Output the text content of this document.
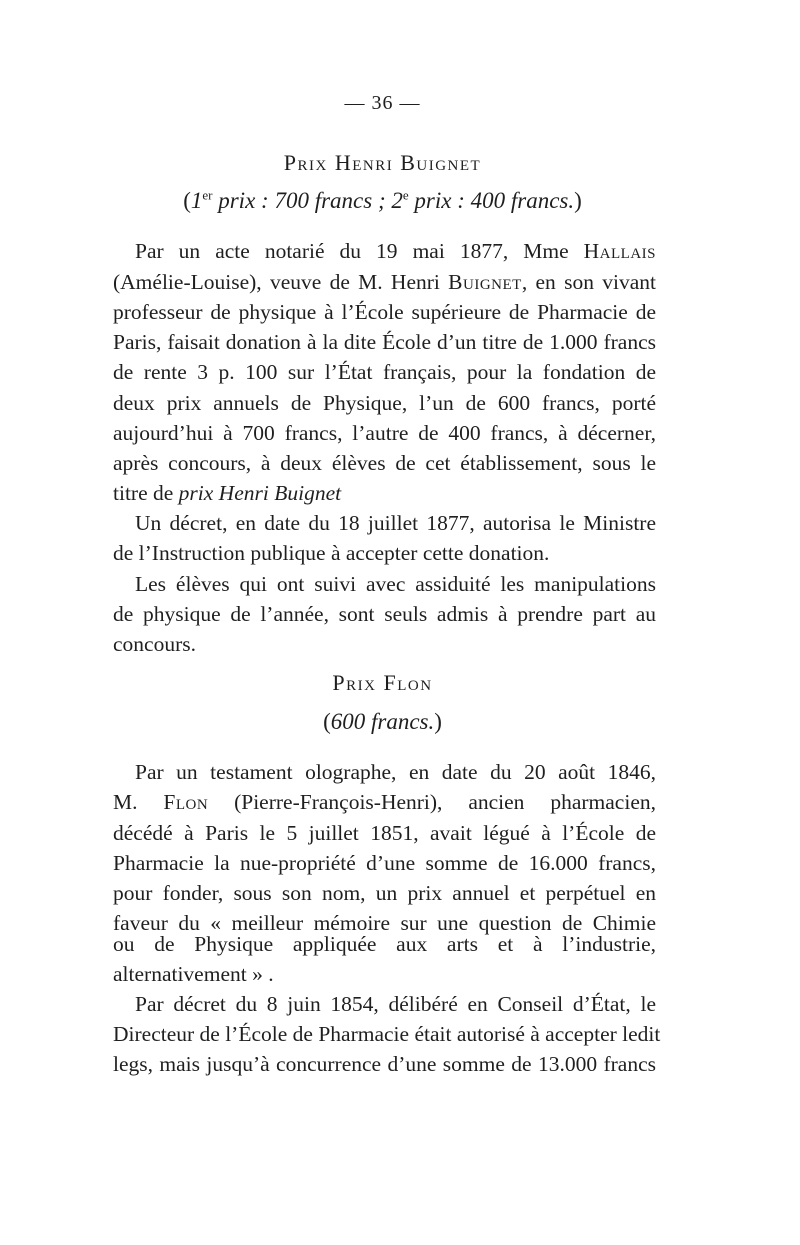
— 36 —
Prix Henri Buignet
(1er prix : 700 francs ; 2e prix : 400 francs.)
Par un acte notarié du 19 mai 1877, Mme Hallais
(Amélie-Louise), veuve de M. Henri Buignet, en son vivant
professeur de physique à l’École supérieure de Pharmacie de
Paris, faisait donation à la dite École d’un titre de 1.000 francs
de rente 3 p. 100 sur l’État français, pour la fondation de
deux prix annuels de Physique, l’un de 600 francs, porté
aujourd’hui à 700 francs, l’autre de 400 francs, à décerner,
après concours, à deux élèves de cet établissement, sous le
titre de prix Henri Buignet
Un décret, en date du 18 juillet 1877, autorisa le Ministre
de l’Instruction publique à accepter cette donation.
Les élèves qui ont suivi avec assiduité les manipulations
de physique de l’année, sont seuls admis à prendre part au
concours.
Prix Flon
(600 francs.)
Par un testament olographe, en date du 20 août 1846,
M. Flon (Pierre-François-Henri), ancien pharmacien,
décédé à Paris le 5 juillet 1851, avait légué à l’École de
Pharmacie la nue-propriété d’une somme de 16.000 francs,
pour fonder, sous son nom, un prix annuel et perpétuel en
faveur du « meilleur mémoire sur une question de Chimie
ou de Physique appliquée aux arts et à l’industrie,
alternativement » .
Par décret du 8 juin 1854, délibéré en Conseil d’État, le
Directeur de l’École de Pharmacie était autorisé à accepter ledit
legs, mais jusqu’à concurrence d’une somme de 13.000 francs
